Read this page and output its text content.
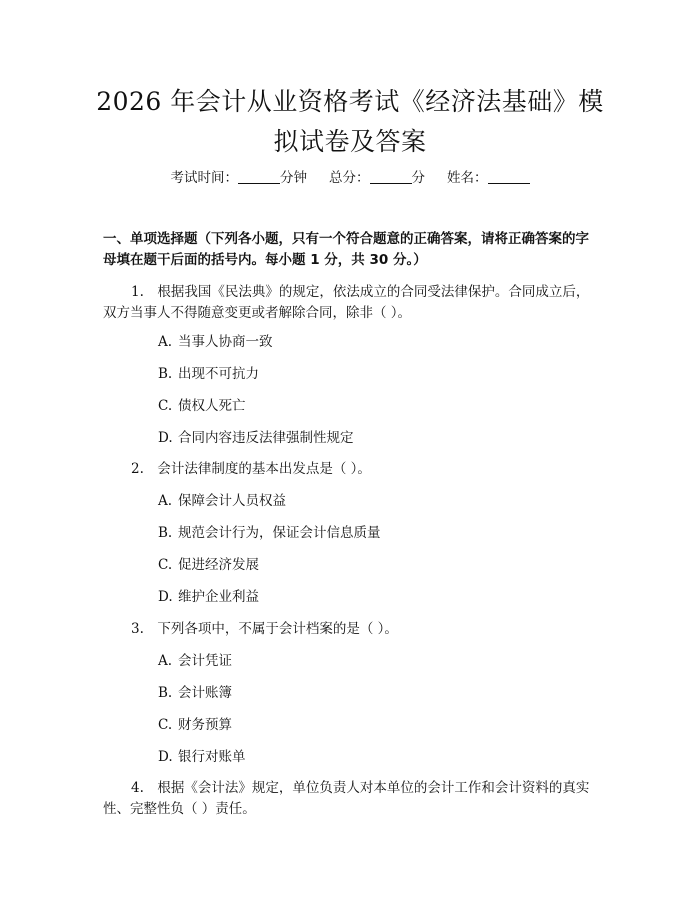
2026 年会计从业资格考试《经济法基础》模拟试卷及答案
考试时间：	分钟 总分：	分 姓名：
一、单项选择题（下列各小题，只有一个符合题意的正确答案，请将正确答案的字母填在题干后面的括号内。每小题 1 分，共 30 分。）
1.　根据我国《民法典》的规定，依法成立的合同受法律保护。合同成立后，双方当事人不得随意变更或者解除合同，除非（ ）。
A. 当事人协商一致
B. 出现不可抗力
C. 债权人死亡
D. 合同内容违反法律强制性规定
2.　会计法律制度的基本出发点是（ ）。
A. 保障会计人员权益
B. 规范会计行为，保证会计信息质量
C. 促进经济发展
D. 维护企业利益
3.　下列各项中，不属于会计档案的是（ ）。
A. 会计凭证
B. 会计账簿
C. 财务预算
D. 银行对账单
4.　根据《会计法》规定，单位负责人对本单位的会计工作和会计资料的真实性、完整性负（ ）责任。
